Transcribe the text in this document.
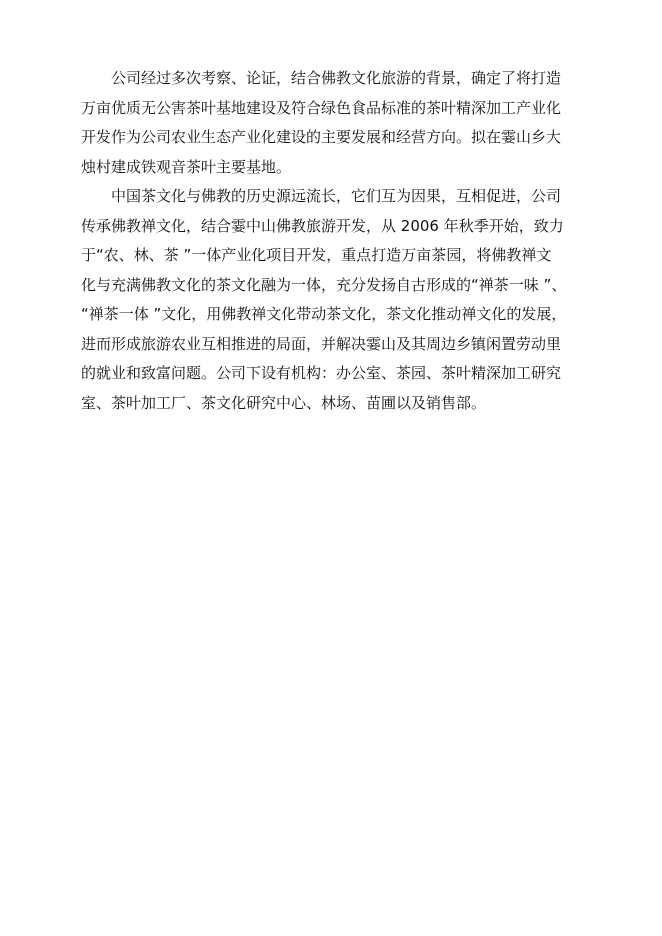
公司经过多次考察、论证，结合佛教文化旅游的背景，确定了将打造
万亩优质无公害茶叶基地建设及符合绿色食品标准的茶叶精深加工产业化
开发作为公司农业生态产业化建设的主要发展和经营方向。拟在霎山乡大
烛村建成铁观音茶叶主要基地。

中国茶文化与佛教的历史源远流长，它们互为因果，互相促进，公司
传承佛教禅文化，结合霎中山佛教旅游开发，从 2006 年秋季开始，致力
于“农、林、茶 ”一体产业化项目开发，重点打造万亩茶园，将佛教禅文
化与充满佛教文化的茶文化融为一体，充分发扬自古形成的“禅茶一味 ”、
“禅茶一体 ”文化，用佛教禅文化带动茶文化，茶文化推动禅文化的发展，
进而形成旅游农业互相推进的局面，并解决霎山及其周边乡镇闲置劳动里
的就业和致富问题。公司下设有机构：办公室、茶园、茶叶精深加工研究
室、茶叶加工厂、茶文化研究中心、林场、苗圃以及销售部。
